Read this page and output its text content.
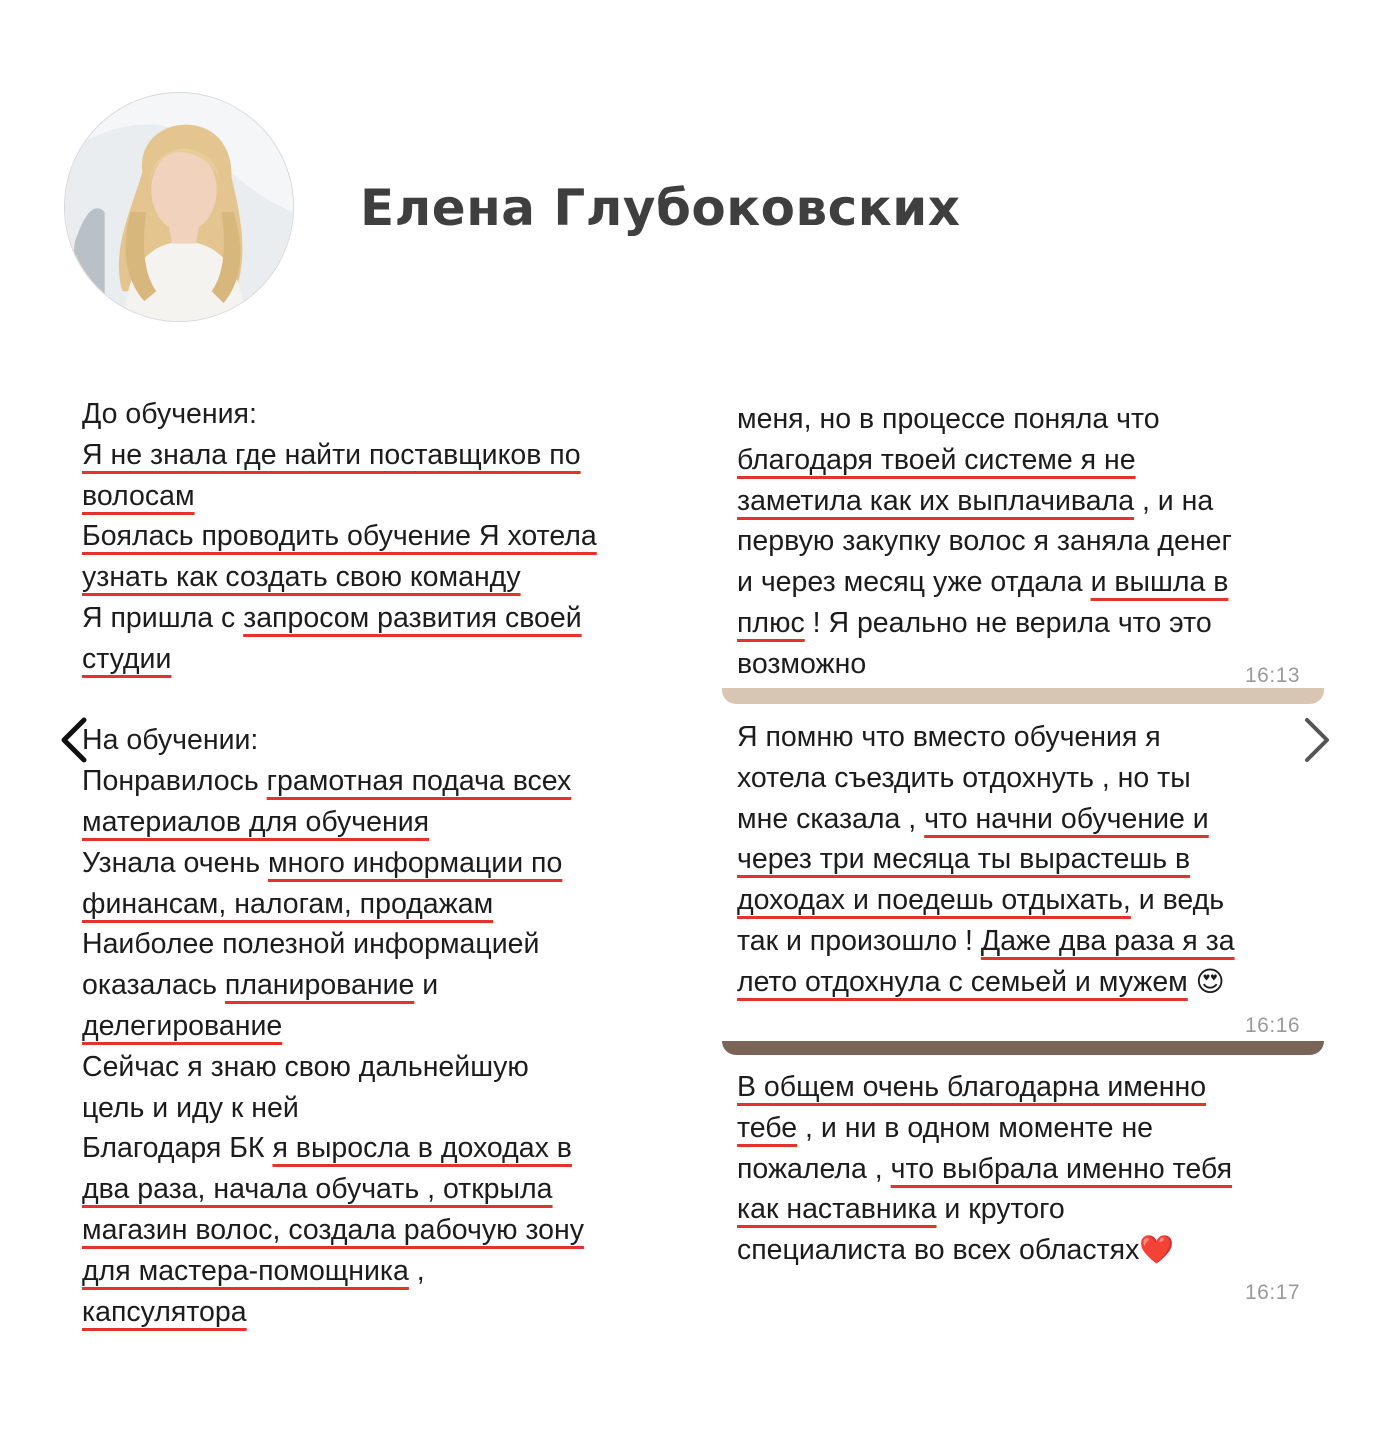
Елена Глубоковских
До обучения:
Я не знала где найти поставщиков по
волосам
Боялась проводить обучение Я хотела
узнать как создать свою команду
Я пришла с запросом развития своей
студии
На обучении:
Понравилось грамотная подача всех
материалов для обучения
Узнала очень много информации по
финансам, налогам, продажам
Наиболее полезной информацией
оказалась планирование и
делегирование
Сейчас я знаю свою дальнейшую
цель и иду к ней
Благодаря БК я выросла в доходах в
два раза, начала обучать , открыла
магазин волос, создала рабочую зону
для мастера-помощника ,
капсулятора
меня, но в процессе поняла что
благодаря твоей системе я не
заметила как их выплачивала , и на
первую закупку волос я заняла денег
и через месяц уже отдала и вышла в
плюс ! Я реально не верила что это
возможно	16:13
Я помню что вместо обучения я
хотела съездить отдохнуть , но ты
мне сказала , что начни обучение и
через три месяца ты вырастешь в
доходах и поедешь отдыхать, и ведь
так и произошло ! Даже два раза я за
лето отдохнула с семьей и мужем 😍
16:16
В общем очень благодарна именно
тебе , и ни в одном моменте не
пожалела , что выбрала именно тебя
как наставника и крутого
специалиста во всех областях❤️
16:17
